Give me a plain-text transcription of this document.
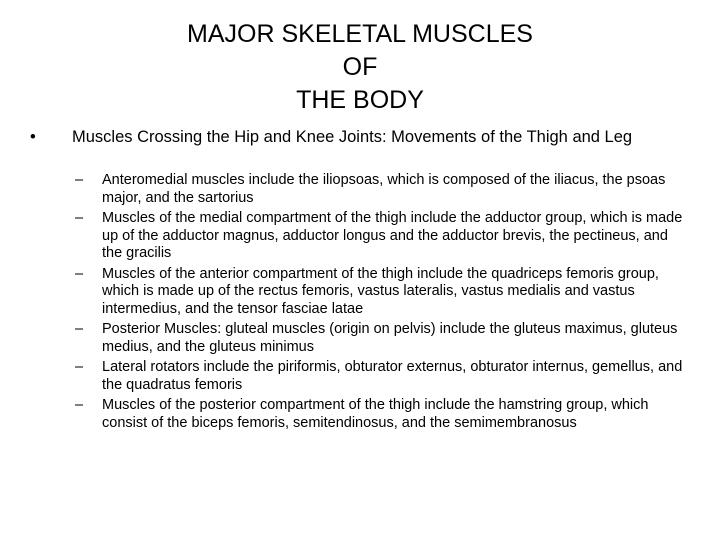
MAJOR SKELETAL MUSCLES
OF
THE BODY
•	Muscles Crossing the Hip and Knee Joints: Movements of the Thigh and Leg
– Anteromedial muscles include the iliopsoas, which is composed of the iliacus, the psoas major, and the sartorius
– Muscles of the medial compartment of the thigh include the adductor group, which is made up of the adductor magnus, adductor longus and the adductor brevis, the pectineus, and the gracilis
– Muscles of the anterior compartment of the thigh include the quadriceps femoris group, which is made up of the rectus femoris, vastus lateralis, vastus medialis and vastus intermedius, and the tensor fasciae latae
– Posterior Muscles: gluteal muscles (origin on pelvis) include the gluteus maximus, gluteus medius, and the gluteus minimus
– Lateral rotators include the piriformis, obturator externus, obturator internus, gemellus, and the quadratus femoris
– Muscles of the posterior compartment of the thigh include the hamstring group, which consist of the biceps femoris, semitendinosus, and the semimembranosus
